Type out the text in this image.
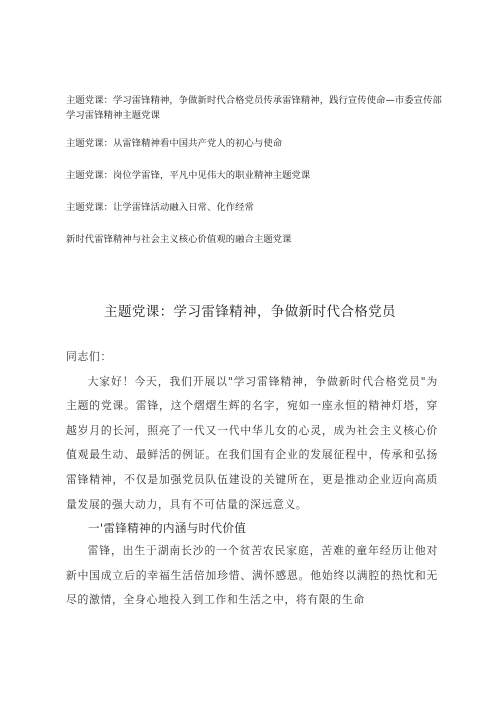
主题党课：学习雷锋精神，争做新时代合格党员传承雷锋精神，践行宣传使命—市委宣传部学习雷锋精神主题党课
主题党课：从雷锋精神看中国共产党人的初心与使命
主题党课：岗位学雷锋，平凡中见伟大的职业精神主题党课
主题党课：让学雷锋活动融入日常、化作经常
新时代雷锋精神与社会主义核心价值观的融合主题党课
主题党课：学习雷锋精神，争做新时代合格党员

同志们：

大家好！今天，我们开展以"学习雷锋精神，争做新时代合格党员"为主题的党课。雷锋，这个熠熠生辉的名字，宛如一座永恒的精神灯塔，穿越岁月的长河，照亮了一代又一代中华儿女的心灵，成为社会主义核心价值观最生动、最鲜活的例证。在我们国有企业的发展征程中，传承和弘扬雷锋精神，不仅是加强党员队伍建设的关键所在，更是推动企业迈向高质量发展的强大动力，具有不可估量的深远意义。

一'雷锋精神的内涵与时代价值

雷锋，出生于湖南长沙的一个贫苦农民家庭，苦难的童年经历让他对新中国成立后的幸福生活倍加珍惜、满怀感恩。他始终以满腔的热忱和无尽的激情，全身心地投入到工作和生活之中，将有限的生命
